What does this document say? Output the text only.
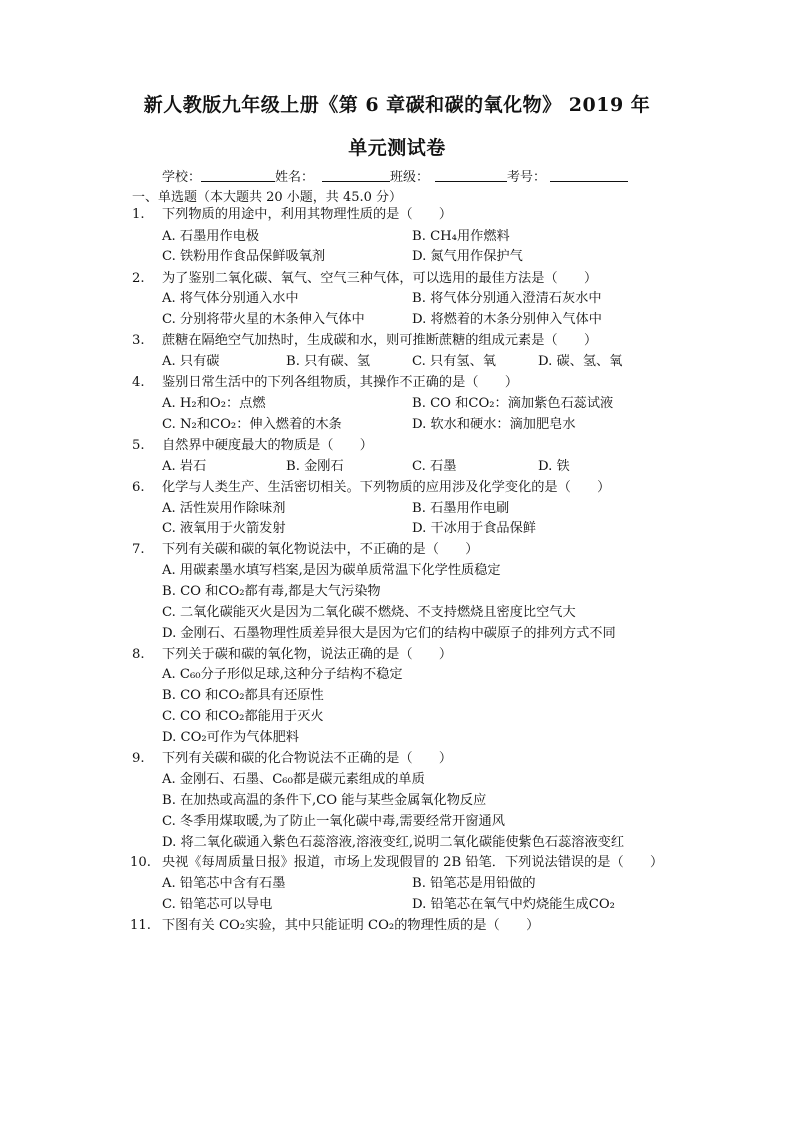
新人教版九年级上册《第 6 章碳和碳的氧化物》 2019 年
单元测试卷
学校：	姓名：	班级：	考号：
一、单选题（本大题共 20 小题，共 45.0 分）
1. 下列物质的用途中，利用其物理性质的是（　　）
A. 石墨用作电极	B. CH₄用作燃料
C. 铁粉用作食品保鲜吸氧剂	D. 氮气用作保护气
2. 为了鉴别二氧化碳、氧气、空气三种气体，可以选用的最佳方法是（　　）
A. 将气体分别通入水中	B. 将气体分别通入澄清石灰水中
C. 分别将带火星的木条伸入气体中	D. 将燃着的木条分别伸入气体中
3. 蔗糖在隔绝空气加热时，生成碳和水，则可推断蔗糖的组成元素是（　　）
A. 只有碳	B. 只有碳、氢	C. 只有氢、氧	D. 碳、氢、氧
4. 鉴别日常生活中的下列各组物质，其操作不正确的是（　　）
A. H₂和O₂：点燃	B. CO 和CO₂：滴加紫色石蕊试液
C. N₂和CO₂：伸入燃着的木条	D. 软水和硬水：滴加肥皂水
5. 自然界中硬度最大的物质是（　　）
A. 岩石	B. 金刚石	C. 石墨	D. 铁
6. 化学与人类生产、生活密切相关。下列物质的应用涉及化学变化的是（　　）
A. 活性炭用作除味剂	B. 石墨用作电刷
C. 液氧用于火箭发射	D. 干冰用于食品保鲜
7. 下列有关碳和碳的氧化物说法中，不正确的是（　　）
A. 用碳素墨水填写档案,是因为碳单质常温下化学性质稳定
B. CO 和CO₂都有毒,都是大气污染物
C. 二氧化碳能灭火是因为二氧化碳不燃烧、不支持燃烧且密度比空气大
D. 金刚石、石墨物理性质差异很大是因为它们的结构中碳原子的排列方式不同
8. 下列关于碳和碳的氧化物，说法正确的是（　　）
A. C₆₀分子形似足球,这种分子结构不稳定
B. CO 和CO₂都具有还原性
C. CO 和CO₂都能用于灭火
D. CO₂可作为气体肥料
9. 下列有关碳和碳的化合物说法不正确的是（　　）
A. 金刚石、石墨、C₆₀都是碳元素组成的单质
B. 在加热或高温的条件下,CO 能与某些金属氧化物反应
C. 冬季用煤取暖,为了防止一氧化碳中毒,需要经常开窗通风
D. 将二氧化碳通入紫色石蕊溶液,溶液变红,说明二氧化碳能使紫色石蕊溶液变红
10. 央视《每周质量日报》报道，市场上发现假冒的 2B 铅笔．下列说法错误的是（　　）
A. 铅笔芯中含有石墨	B. 铅笔芯是用铅做的
C. 铅笔芯可以导电	D. 铅笔芯在氧气中灼烧能生成CO₂
11. 下图有关 CO₂实验，其中只能证明 CO₂的物理性质的是（　　）
